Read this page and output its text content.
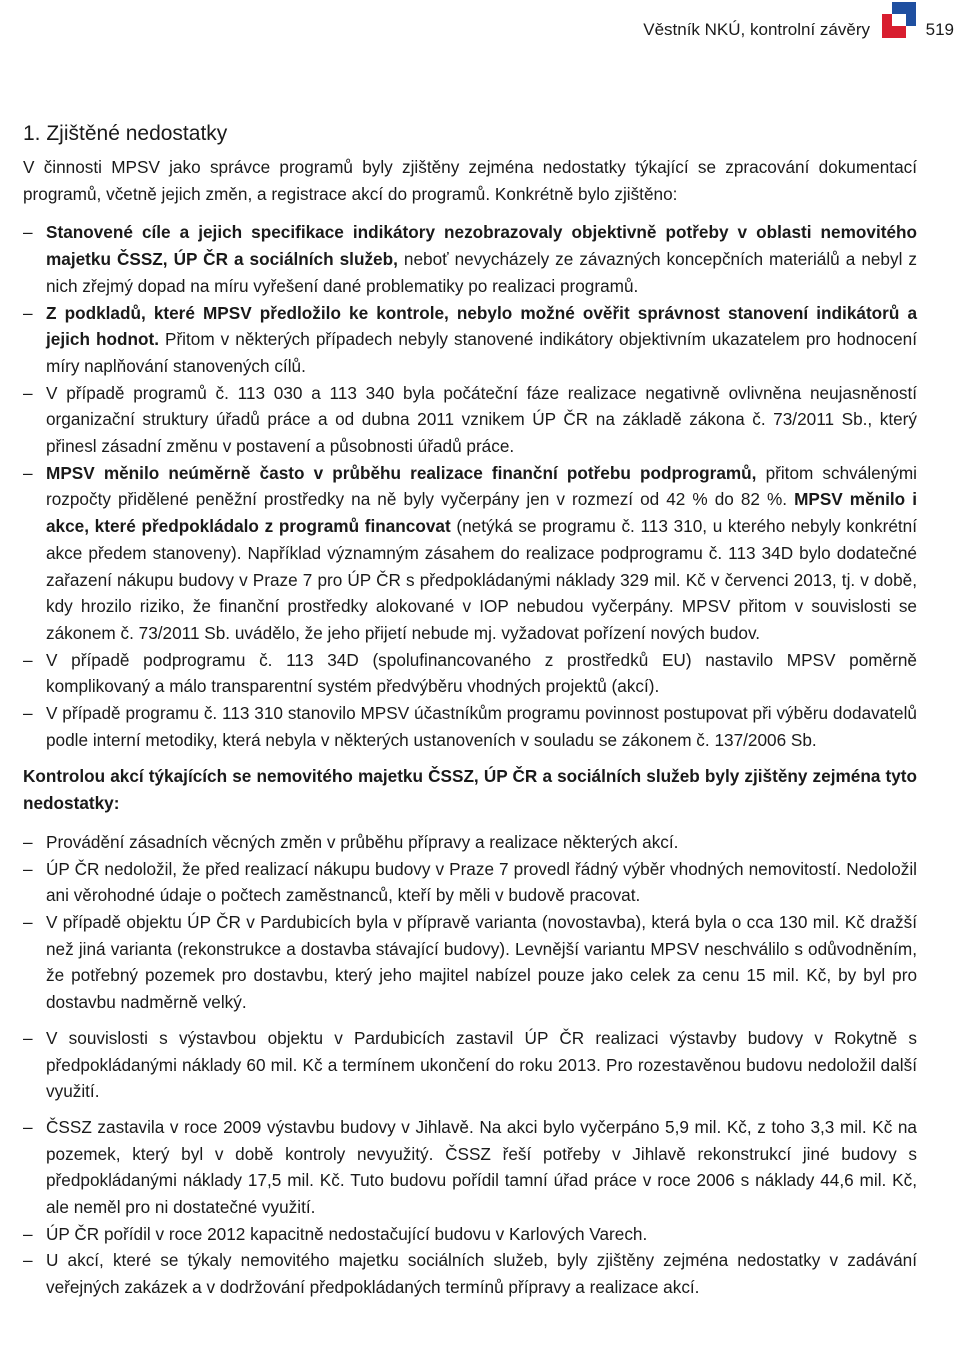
Věstník NKÚ, kontrolní závěry	519
1. Zjištěné nedostatky

V činnosti MPSV jako správce programů byly zjištěny zejména nedostatky týkající se zpracování dokumentací programů, včetně jejich změn, a registrace akcí do programů. Konkrétně bylo zjištěno:

– Stanovené cíle a jejich specifikace indikátory nezobrazovaly objektivně potřeby v oblasti nemovitého majetku ČSSZ, ÚP ČR a sociálních služeb, neboť nevycházely ze závazných koncepčních materiálů a nebyl z nich zřejmý dopad na míru vyřešení dané problematiky po realizaci programů.
– Z podkladů, které MPSV předložilo ke kontrole, nebylo možné ověřit správnost stanovení indikátorů a jejich hodnot. Přitom v některých případech nebyly stanovené indikátory objektivním ukazatelem pro hodnocení míry naplňování stanovených cílů.
– V případě programů č. 113 030 a 113 340 byla počáteční fáze realizace negativně ovlivněna neujasněností organizační struktury úřadů práce a od dubna 2011 vznikem ÚP ČR na základě zákona č. 73/2011 Sb., který přinesl zásadní změnu v postavení a působnosti úřadů práce.
– MPSV měnilo neúměrně často v průběhu realizace finanční potřebu podprogramů, přitom schválenými rozpočty přidělené peněžní prostředky na ně byly vyčerpány jen v rozmezí od 42 % do 82 %. MPSV měnilo i akce, které předpokládalo z programů financovat (netýká se programu č. 113 310, u kterého nebyly konkrétní akce předem stanoveny). Například významným zásahem do realizace podprogramu č. 113 34D bylo dodatečné zařazení nákupu budovy v Praze 7 pro ÚP ČR s předpokládanými náklady 329 mil. Kč v červenci 2013, tj. v době, kdy hrozilo riziko, že finanční prostředky alokované v IOP nebudou vyčerpány. MPSV přitom v souvislosti se zákonem č. 73/2011 Sb. uvádělo, že jeho přijetí nebude mj. vyžadovat pořízení nových budov.
– V případě podprogramu č. 113 34D (spolufinancovaného z prostředků EU) nastavilo MPSV poměrně komplikovaný a málo transparentní systém předvýběru vhodných projektů (akcí).
– V případě programu č. 113 310 stanovilo MPSV účastníkům programu povinnost postupovat při výběru dodavatelů podle interní metodiky, která nebyla v některých ustanoveních v souladu se zákonem č. 137/2006 Sb.

Kontrolou akcí týkajících se nemovitého majetku ČSSZ, ÚP ČR a sociálních služeb byly zjištěny zejména tyto nedostatky:

– Provádění zásadních věcných změn v průběhu přípravy a realizace některých akcí.
– ÚP ČR nedoložil, že před realizací nákupu budovy v Praze 7 provedl řádný výběr vhodných nemovitostí. Nedoložil ani věrohodné údaje o počtech zaměstnanců, kteří by měli v budově pracovat.
– V případě objektu ÚP ČR v Pardubicích byla v přípravě varianta (novostavba), která byla o cca 130 mil. Kč dražší než jiná varianta (rekonstrukce a dostavba stávající budovy). Levnější variantu MPSV neschválilo s odůvodněním, že potřebný pozemek pro dostavbu, který jeho majitel nabízel pouze jako celek za cenu 15 mil. Kč, by byl pro dostavbu nadměrně velký.
– V souvislosti s výstavbou objektu v Pardubicích zastavil ÚP ČR realizaci výstavby budovy v Rokytně s předpokládanými náklady 60 mil. Kč a termínem ukončení do roku 2013. Pro rozestavěnou budovu nedoložil další využití.
– ČSSZ zastavila v roce 2009 výstavbu budovy v Jihlavě. Na akci bylo vyčerpáno 5,9 mil. Kč, z toho 3,3 mil. Kč na pozemek, který byl v době kontroly nevyužitý. ČSSZ řeší potřeby v Jihlavě rekonstrukcí jiné budovy s předpokládanými náklady 17,5 mil. Kč. Tuto budovu pořídil tamní úřad práce v roce 2006 s náklady 44,6 mil. Kč, ale neměl pro ni dostatečné využití.
– ÚP ČR pořídil v roce 2012 kapacitně nedostačující budovu v Karlových Varech.
– U akcí, které se týkaly nemovitého majetku sociálních služeb, byly zjištěny zejména nedostatky v zadávání veřejných zakázek a v dodržování předpokládaných termínů přípravy a realizace akcí.
